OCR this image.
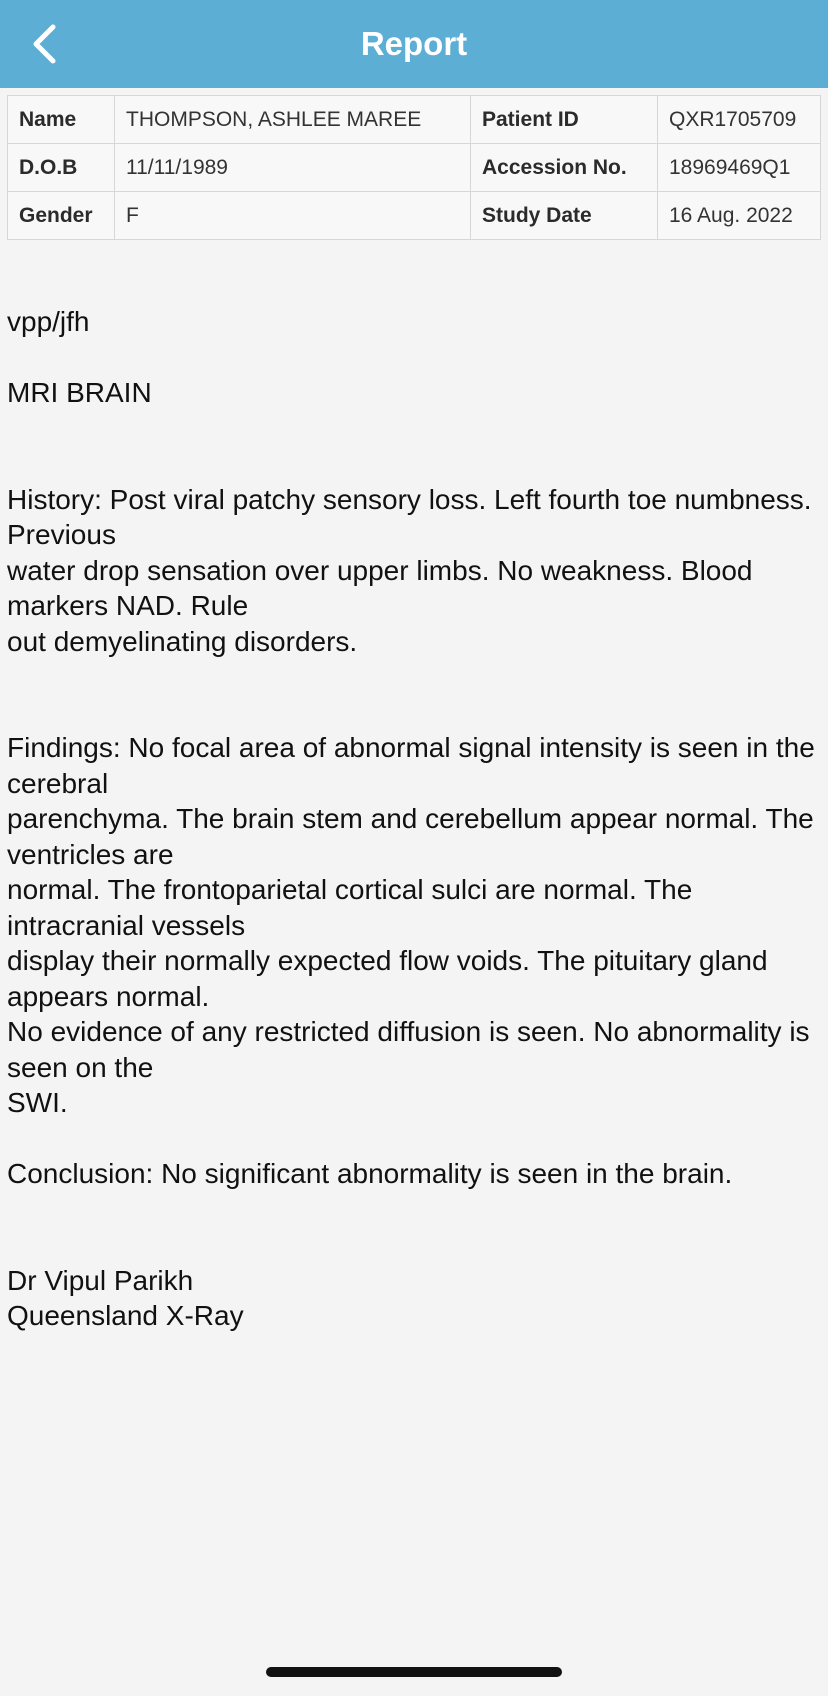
Report
Name	THOMPSON, ASHLEE MAREE	Patient ID	QXR1705709
D.O.B	11/11/1989	Accession No.	18969469Q1
Gender	F	Study Date	16 Aug. 2022

vpp/jfh

MRI BRAIN

History: Post viral patchy sensory loss. Left fourth toe numbness. Previous
water drop sensation over upper limbs. No weakness. Blood markers NAD. Rule
out demyelinating disorders.

Findings: No focal area of abnormal signal intensity is seen in the cerebral
parenchyma. The brain stem and cerebellum appear normal. The ventricles are
normal. The frontoparietal cortical sulci are normal. The intracranial vessels
display their normally expected flow voids. The pituitary gland appears normal.
No evidence of any restricted diffusion is seen. No abnormality is seen on the
SWI.

Conclusion: No significant abnormality is seen in the brain.

Dr Vipul Parikh

Queensland X-Ray
